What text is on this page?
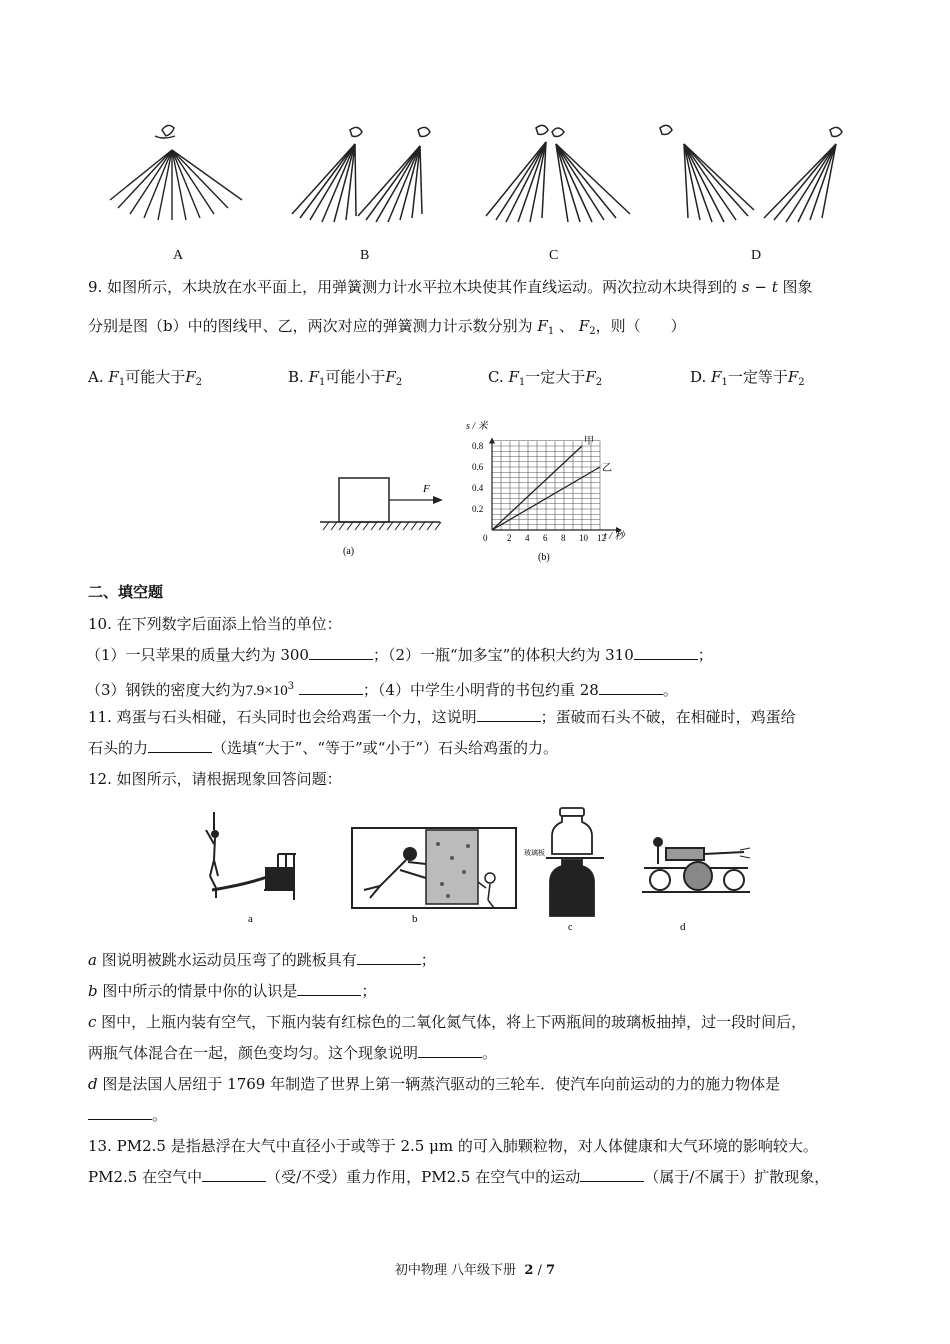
A	B	C	D
9. 如图所示，木块放在水平面上，用弹簧测力计水平拉木块使其作直线运动。两次拉动木块得到的 s − t 图象
分别是图（b）中的图线甲、乙，两次对应的弹簧测力计示数分别为 $F_1$ 、 $F_2$，则（　　）
A. $F_1$可能大于$F_2$	B. $F_1$可能小于$F_2$	C. $F_1$一定大于$F_2$	D. $F_1$一定等于$F_2$
F
(a)
0.8
0.6
0.4
0.2
0 2 4 6 8 10 12
甲
乙
s / 米
t / 秒
(b)
二、填空题
10. 在下列数字后面添上恰当的单位：
（1）一只苹果的质量大约为 300	；（2）一瓶“加多宝”的体积大约为 310	；
（3）钢铁的密度大约为$7.9\times 10^3$	；（4）中学生小明背的书包约重 28	。
11. 鸡蛋与石头相碰，石头同时也会给鸡蛋一个力，这说明	；蛋破而石头不破，在相碰时，鸡蛋给
石头的力	（选填“大于”、“等于”或“小于”）石头给鸡蛋的力。
12. 如图所示，请根据现象回答问题：
a	b
玻璃板
c	d
a 图说明被跳水运动员压弯了的跳板具有	；
b 图中所示的情景中你的认识是	；
c 图中，上瓶内装有空气，下瓶内装有红棕色的二氧化氮气体，将上下两瓶间的玻璃板抽掉，过一段时间后，
两瓶气体混合在一起，颜色变均匀。这个现象说明	。
d 图是法国人居纽于 1769 年制造了世界上第一辆蒸汽驱动的三轮车．使汽车向前运动的力的施力物体是
。
13. PM2.5 是指悬浮在大气中直径小于或等于 2.5 μm 的可入肺颗粒物，对人体健康和大气环境的影响较大。
PM2.5 在空气中	（受/不受）重力作用，PM2.5 在空气中的运动	（属于/不属于）扩散现象，
初中物理 八年级下册 2 / 7
